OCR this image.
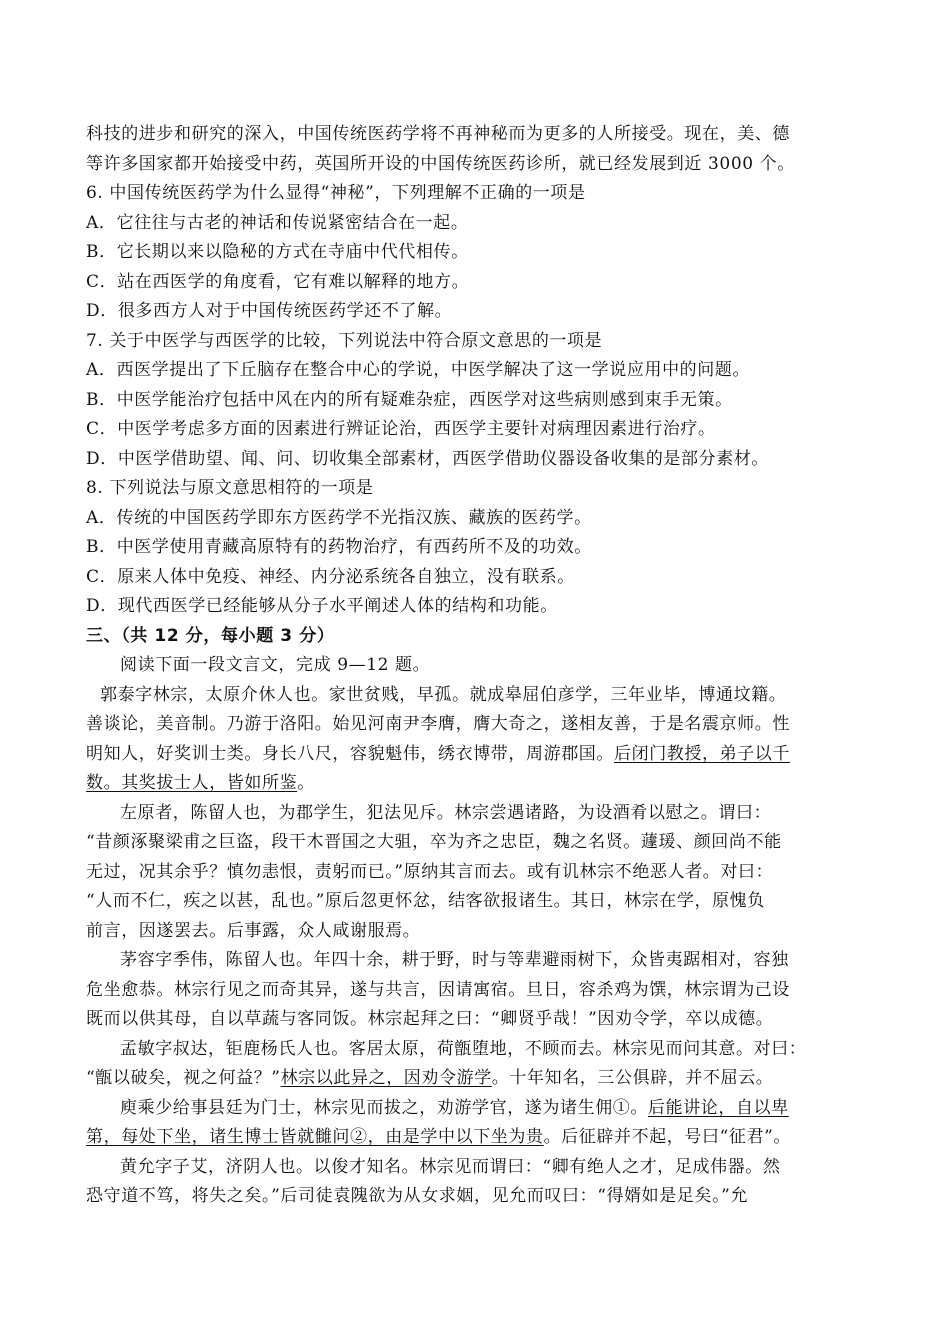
科技的进步和研究的深入，中国传统医药学将不再神秘而为更多的人所接受。现在，美、德
等许多国家都开始接受中药，英国所开设的中国传统医药诊所，就已经发展到近 3000 个。
6. 中国传统医药学为什么显得“神秘”，下列理解不正确的一项是
A．它往往与古老的神话和传说紧密结合在一起。
B．它长期以来以隐秘的方式在寺庙中代代相传。
C．站在西医学的角度看，它有难以解释的地方。
D．很多西方人对于中国传统医药学还不了解。
7. 关于中医学与西医学的比较，下列说法中符合原文意思的一项是
A．西医学提出了下丘脑存在整合中心的学说，中医学解决了这一学说应用中的问题。
B．中医学能治疗包括中风在内的所有疑难杂症，西医学对这些病则感到束手无策。
C．中医学考虑多方面的因素进行辨证论治，西医学主要针对病理因素进行治疗。
D．中医学借助望、闻、问、切收集全部素材，西医学借助仪器设备收集的是部分素材。
8. 下列说法与原文意思相符的一项是
A．传统的中国医药学即东方医药学不光指汉族、藏族的医药学。
B．中医学使用青藏高原特有的药物治疗，有西药所不及的功效。
C．原来人体中免疫、神经、内分泌系统各自独立，没有联系。
D．现代西医学已经能够从分子水平阐述人体的结构和功能。
三、（共 12 分，每小题 3 分）
阅读下面一段文言文，完成 9—12 题。
郭泰字林宗，太原介休人也。家世贫贱，早孤。就成皋屈伯彦学，三年业毕，博通坟籍。
善谈论，美音制。乃游于洛阳。始见河南尹李膺，膺大奇之，遂相友善，于是名震京师。性
明知人，好奖训士类。身长八尺，容貌魁伟，绣衣博带，周游郡国。后闭门教授，弟子以千
数。其奖拔士人，皆如所鉴。
左原者，陈留人也，为郡学生，犯法见斥。林宗尝遇诸路，为设酒肴以慰之。谓曰：
“昔颜涿聚梁甫之巨盗，段干木晋国之大驵，卒为齐之忠臣，魏之名贤。蘧瑗、颜回尚不能
无过，况其余乎？慎勿恚恨，责躬而已。”原纳其言而去。或有讥林宗不绝恶人者。对曰：
“人而不仁，疾之以甚，乱也。”原后忽更怀忿，结客欲报诸生。其日，林宗在学，原愧负
前言，因遂罢去。后事露，众人咸谢服焉。
茅容字季伟，陈留人也。年四十余，耕于野，时与等辈避雨树下，众皆夷踞相对，容独
危坐愈恭。林宗行见之而奇其异，遂与共言，因请寓宿。旦日，容杀鸡为馔，林宗谓为己设
既而以供其母，自以草蔬与客同饭。林宗起拜之曰：“卿贤乎哉！”因劝令学，卒以成德。
孟敏字叔达，钜鹿杨氏人也。客居太原，荷甑堕地，不顾而去。林宗见而问其意。对曰：
“甑以破矣，视之何益？”林宗以此异之，因劝令游学。十年知名，三公俱辟，并不屈云。
庾乘少给事县廷为门士，林宗见而拔之，劝游学官，遂为诸生佣①。后能讲论，自以卑
第，每处下坐，诸生博士皆就雠问②，由是学中以下坐为贵。后征辟并不起，号曰“征君”。
黄允字子艾，济阴人也。以俊才知名。林宗见而谓曰：“卿有绝人之才，足成伟器。然
恐守道不笃，将失之矣。”后司徒袁隗欲为从女求姻，见允而叹曰：“得婿如是足矣。”允
